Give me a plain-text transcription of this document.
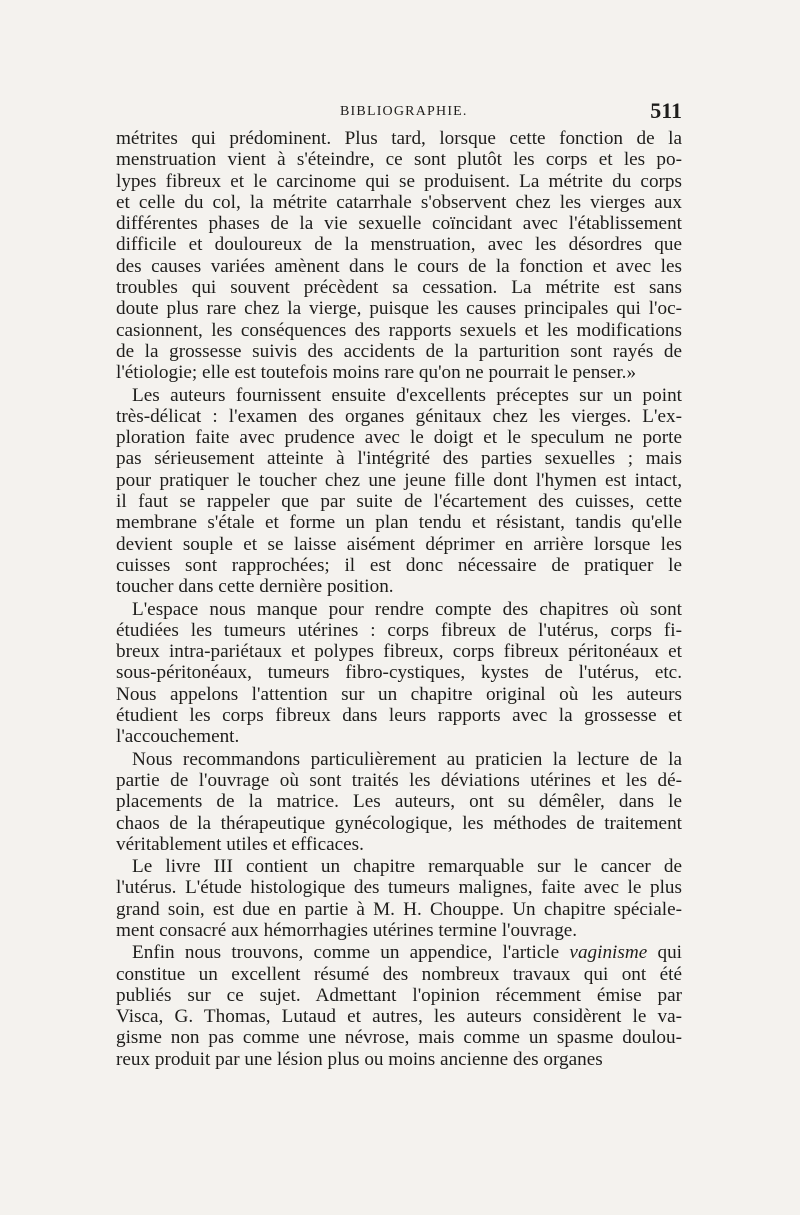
BIBLIOGRAPHIE.	511
métrites qui prédominent. Plus tard, lorsque cette fonction de la
menstruation vient à s'éteindre, ce sont plutôt les corps et les po-
lypes fibreux et le carcinome qui se produisent. La métrite du corps
et celle du col, la métrite catarrhale s'observent chez les vierges aux
différentes phases de la vie sexuelle coïncidant avec l'établissement
difficile et douloureux de la menstruation, avec les désordres que
des causes variées amènent dans le cours de la fonction et avec les
troubles qui souvent précèdent sa cessation. La métrite est sans
doute plus rare chez la vierge, puisque les causes principales qui l'oc-
casionnent, les conséquences des rapports sexuels et les modifications
de la grossesse suivis des accidents de la parturition sont rayés de
l'étiologie; elle est toutefois moins rare qu'on ne pourrait le penser.»
Les auteurs fournissent ensuite d'excellents préceptes sur un point
très-délicat : l'examen des organes génitaux chez les vierges. L'ex-
ploration faite avec prudence avec le doigt et le speculum ne porte
pas sérieusement atteinte à l'intégrité des parties sexuelles ; mais
pour pratiquer le toucher chez une jeune fille dont l'hymen est intact,
il faut se rappeler que par suite de l'écartement des cuisses, cette
membrane s'étale et forme un plan tendu et résistant, tandis qu'elle
devient souple et se laisse aisément déprimer en arrière lorsque les
cuisses sont rapprochées; il est donc nécessaire de pratiquer le
toucher dans cette dernière position.
L'espace nous manque pour rendre compte des chapitres où sont
étudiées les tumeurs utérines : corps fibreux de l'utérus, corps fi-
breux intra-pariétaux et polypes fibreux, corps fibreux péritonéaux et
sous-péritonéaux, tumeurs fibro-cystiques, kystes de l'utérus, etc.
Nous appelons l'attention sur un chapitre original où les auteurs
étudient les corps fibreux dans leurs rapports avec la grossesse et
l'accouchement.
Nous recommandons particulièrement au praticien la lecture de la
partie de l'ouvrage où sont traités les déviations utérines et les dé-
placements de la matrice. Les auteurs, ont su démêler, dans le
chaos de la thérapeutique gynécologique, les méthodes de traitement
véritablement utiles et efficaces.
Le livre III contient un chapitre remarquable sur le cancer de
l'utérus. L'étude histologique des tumeurs malignes, faite avec le plus
grand soin, est due en partie à M. H. Chouppe. Un chapitre spéciale-
ment consacré aux hémorrhagies utérines termine l'ouvrage.
Enfin nous trouvons, comme un appendice, l'article vaginisme qui
constitue un excellent résumé des nombreux travaux qui ont été
publiés sur ce sujet. Admettant l'opinion récemment émise par
Visca, G. Thomas, Lutaud et autres, les auteurs considèrent le va-
gisme non pas comme une névrose, mais comme un spasme doulou-
reux produit par une lésion plus ou moins ancienne des organes
